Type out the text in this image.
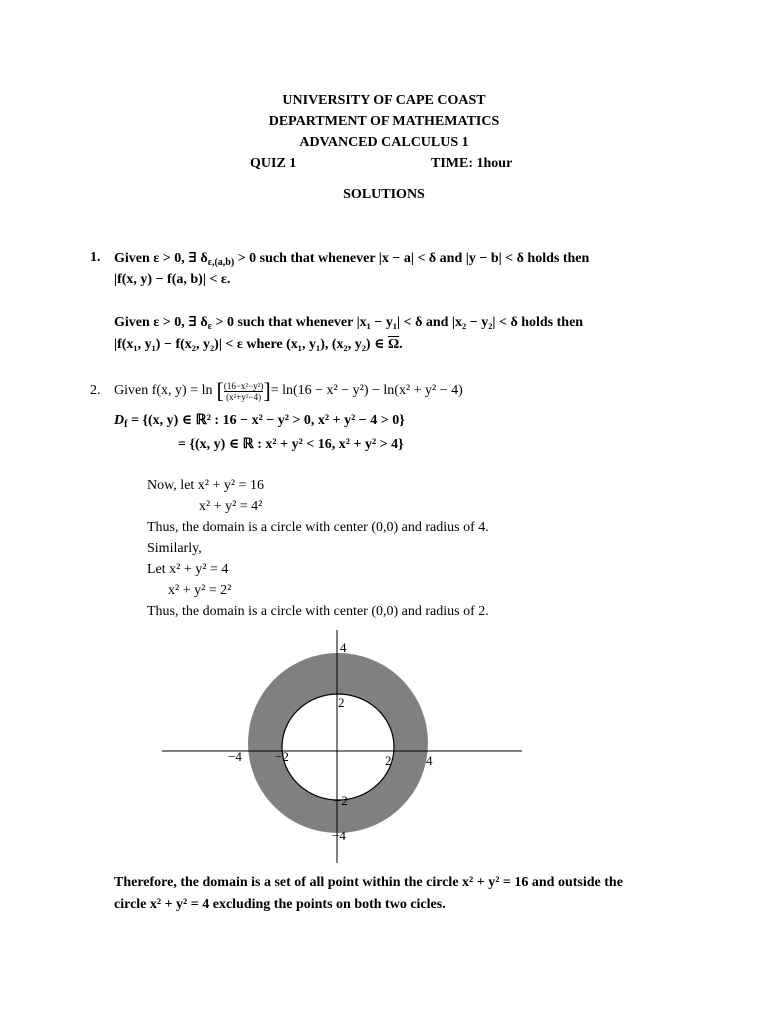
UNIVERSITY OF CAPE COAST
DEPARTMENT OF MATHEMATICS
ADVANCED CALCULUS 1
QUIZ 1	TIME: 1hour
SOLUTIONS
1. Given ε > 0, ∃ $\delta_{\varepsilon,(a,b)} > 0$ such that whenever |x − a| < δ and |y − b| < δ holds then
|f(x, y) − f(a, b)| < ε.
Given ε > 0, ∃ $\delta_\varepsilon > 0$ such that whenever |x₁ − y₁| < δ and |x₂ − y₂| < δ holds then
|f(x₁, y₁) − f(x₂, y₂)| < ε where (x₁, y₁), (x₂, y₂) ∈ $\overline{\Omega}$.
2. Given f(x, y) = ln [ $\frac{\text{(16−x²−y²)}}{\text{(x²+y²−4)}}$ ] = ln(16 − x² − y²) − ln(x² + y² − 4)
$D_f = \{(x$, y) ∈ ℝ² : 16 − x² − y² > 0, x² + y² − 4 > 0}
= {(x, y) ∈ ℝ : x² + y² < 16, x² + y² > 4}
Now, let x² + y² = 16
x² + y² = 4²
Thus, the domain is a circle with center (0,0) and radius of 4.
Similarly,
Let x² + y² = 4
x² + y² = 2²
Thus, the domain is a circle with center (0,0) and radius of 2.
4
2
−4	−2	2	4
−2
−4
Therefore, the domain is a set of all point within the circle x² + y² = 16 and outside the
circle x² + y² = 4 excluding the points on both two cicles.
